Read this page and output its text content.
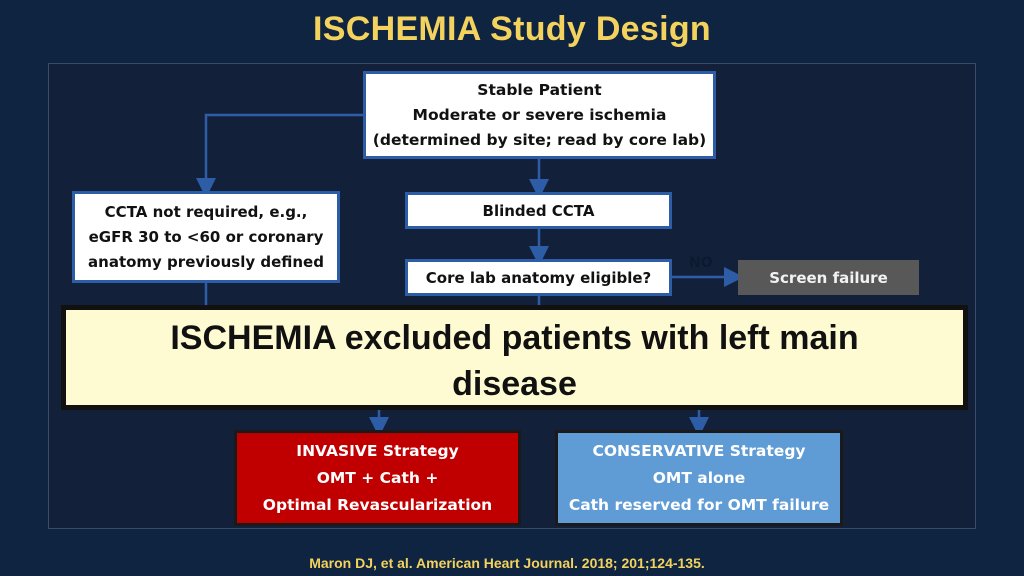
ISCHEMIA Study Design
Stable Patient
Moderate or severe ischemia
(determined by site; read by core lab)
CCTA not required, e.g.,
eGFR 30 to <60 or coronary
anatomy previously defined
Blinded CCTA
Core lab anatomy eligible?
NO
Screen failure
INVASIVE Strategy
OMT + Cath +
Optimal Revascularization
CONSERVATIVE Strategy
OMT alone
Cath reserved for OMT failure
ISCHEMIA excluded patients with left main
disease
Maron DJ, et al. American Heart Journal. 2018; 201;124-135.
